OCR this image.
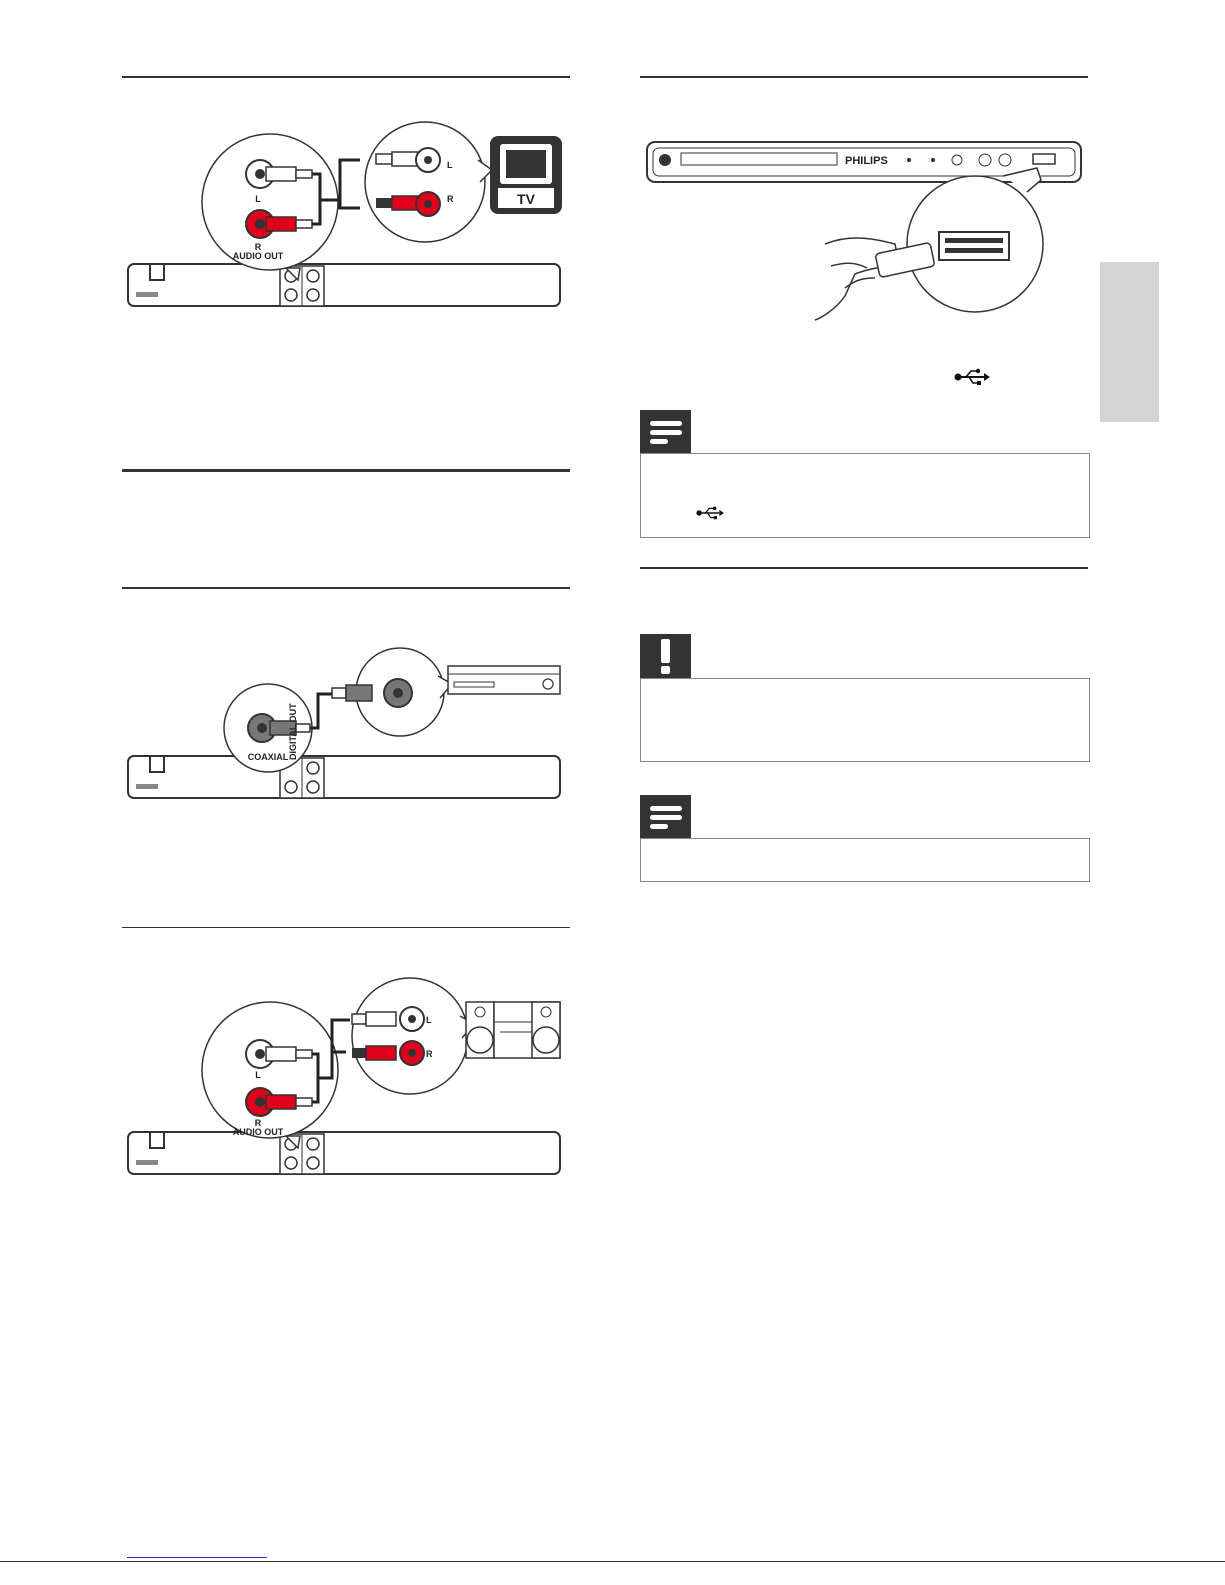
TV
L
R
AUDIO OUT
L
R
COAXIAL DIGITAL OUT
L
R
AUDIO OUT
L
R
PHILIPS
